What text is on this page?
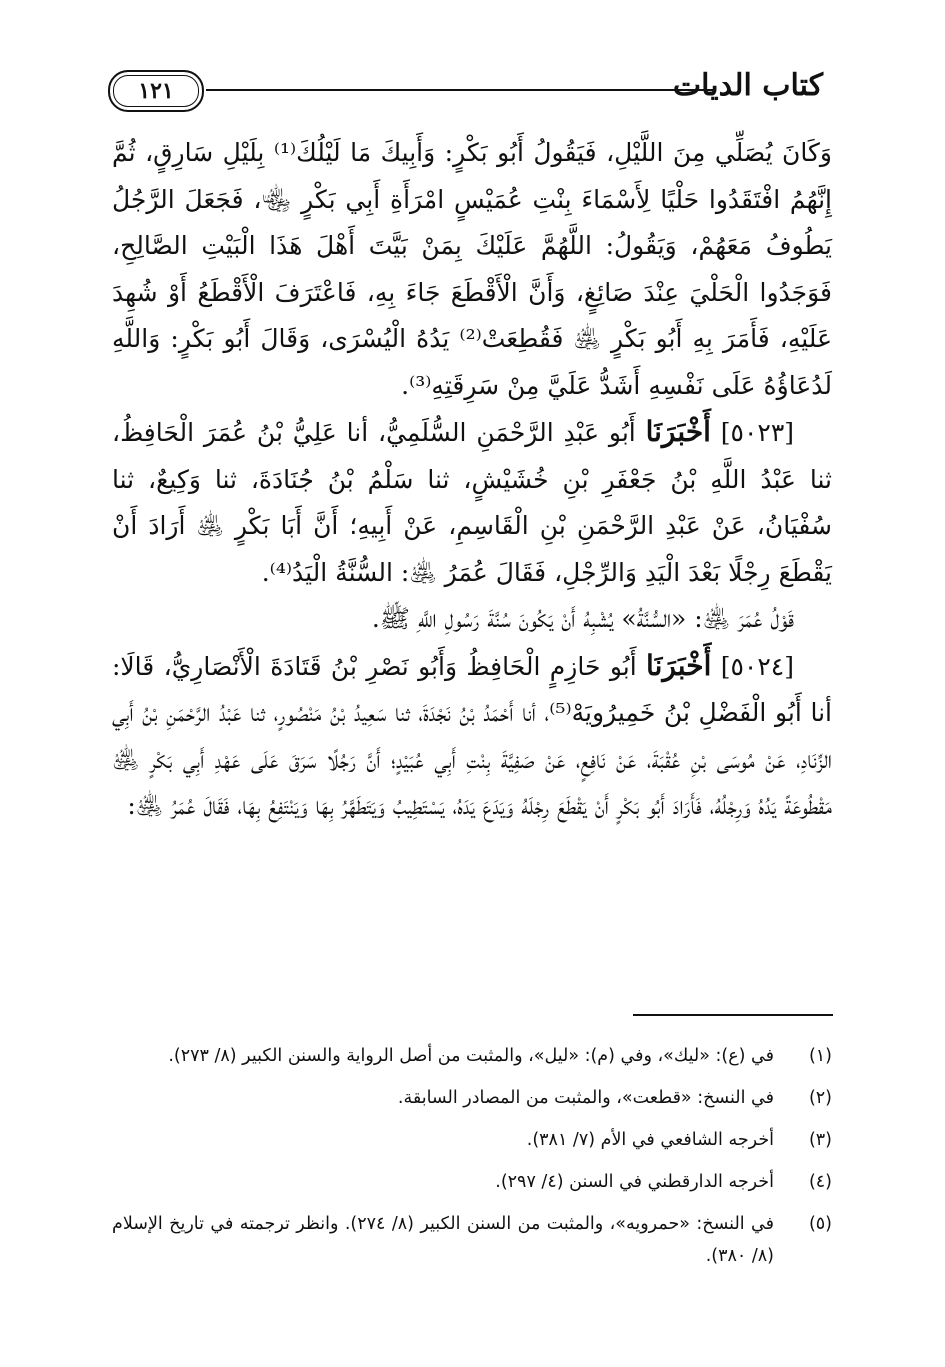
كتاب الديات
١٢١

وَكَانَ يُصَلِّي مِنَ اللَّيْلِ، فَيَقُولُ أَبُو بَكْرٍ: وَأَبِيكَ مَا لَيْلُكَ⁽¹⁾ بِلَيْلِ سَارِقٍ، ثُمَّ إِنَّهُمُ افْتَقَدُوا حَلْيًا لِأَسْمَاءَ بِنْتِ عُمَيْسٍ امْرَأَةِ أَبِي بَكْرٍ ﵄، فَجَعَلَ الرَّجُلُ يَطُوفُ مَعَهُمْ، وَيَقُولُ: اللَّهُمَّ عَلَيْكَ بِمَنْ بَيَّتَ أَهْلَ هَذَا الْبَيْتِ الصَّالِحِ، فَوَجَدُوا الْحَلْيَ عِنْدَ صَائِغٍ، وَأَنَّ الْأَقْطَعَ جَاءَ بِهِ، فَاعْتَرَفَ الْأَقْطَعُ أَوْ شُهِدَ عَلَيْهِ، فَأَمَرَ بِهِ أَبُو بَكْرٍ ﵁ فَقُطِعَتْ⁽²⁾ يَدُهُ الْيُسْرَى، وَقَالَ أَبُو بَكْرٍ: وَاللَّهِ لَدُعَاؤُهُ عَلَى نَفْسِهِ أَشَدُّ عَلَيَّ مِنْ سَرِقَتِهِ⁽³⁾.

[٥٠٢٣] أَخْبَرَنَا أَبُو عَبْدِ الرَّحْمَنِ السُّلَمِيُّ، أنا عَلِيُّ بْنُ عُمَرَ الْحَافِظُ، ثنا عَبْدُ اللَّهِ بْنُ جَعْفَرِ بْنِ خُشَيْشٍ، ثنا سَلْمُ بْنُ جُنَادَةَ، ثنا وَكِيعٌ، ثنا سُفْيَانُ، عَنْ عَبْدِ الرَّحْمَنِ بْنِ الْقَاسِمِ، عَنْ أَبِيهِ؛ أَنَّ أَبَا بَكْرٍ ﵁ أَرَادَ أَنْ يَقْطَعَ رِجْلًا بَعْدَ الْيَدِ وَالرِّجْلِ، فَقَالَ عُمَرُ ﵁: السُّنَّةُ الْيَدُ⁽⁴⁾.

قَوْلُ عُمَرَ ﵁: «السُّنَّةُ» يُشْبِهُ أَنْ يَكُونَ سُنَّةَ رَسُولِ اللَّهِ ﷺ.

[٥٠٢٤] أَخْبَرَنَا أَبُو حَازِمٍ الْحَافِظُ وَأَبُو نَصْرِ بْنُ قَتَادَةَ الْأَنْصَارِيُّ، قَالَا: أنا أَبُو الْفَضْلِ بْنُ خَمِيرُويَهْ⁽⁵⁾، أنا أَحْمَدُ بْنُ نَجْدَةَ، ثنا سَعِيدُ بْنُ مَنْصُورٍ، ثنا عَبْدُ الرَّحْمَنِ بْنُ أَبِي الزِّنَادِ، عَنْ مُوسَى بْنِ عُقْبَةَ، عَنْ نَافِعٍ، عَنْ صَفِيَّةَ بِنْتِ أَبِي عُبَيْدٍ؛ أَنَّ رَجُلًا سَرَقَ عَلَى عَهْدِ أَبِي بَكْرٍ ﵁ مَقْطُوعَةً يَدُهُ وَرِجْلُهُ، فَأَرَادَ أَبُو بَكْرٍ أَنْ يَقْطَعَ رِجْلَهُ وَيَدَعَ يَدَهُ، يَسْتَطِيبُ وَيَتَطَهَّرُ بِهَا وَيَنْتَفِعُ بِهَا، فَقَالَ عُمَرُ ﵁:

(١)
في (ع): «ليك»، وفي (م): «ليل»، والمثبت من أصل الرواية والسنن الكبير (٨/ ٢٧٣).
(٢)
في النسخ: «قطعت»، والمثبت من المصادر السابقة.
(٣)
أخرجه الشافعي في الأم (٧/ ٣٨١).
(٤)
أخرجه الدارقطني في السنن (٤/ ٢٩٧).
(٥)
في النسخ: «حمرويه»، والمثبت من السنن الكبير (٨/ ٢٧٤). وانظر ترجمته في تاريخ الإسلام (٨/ ٣٨٠).
